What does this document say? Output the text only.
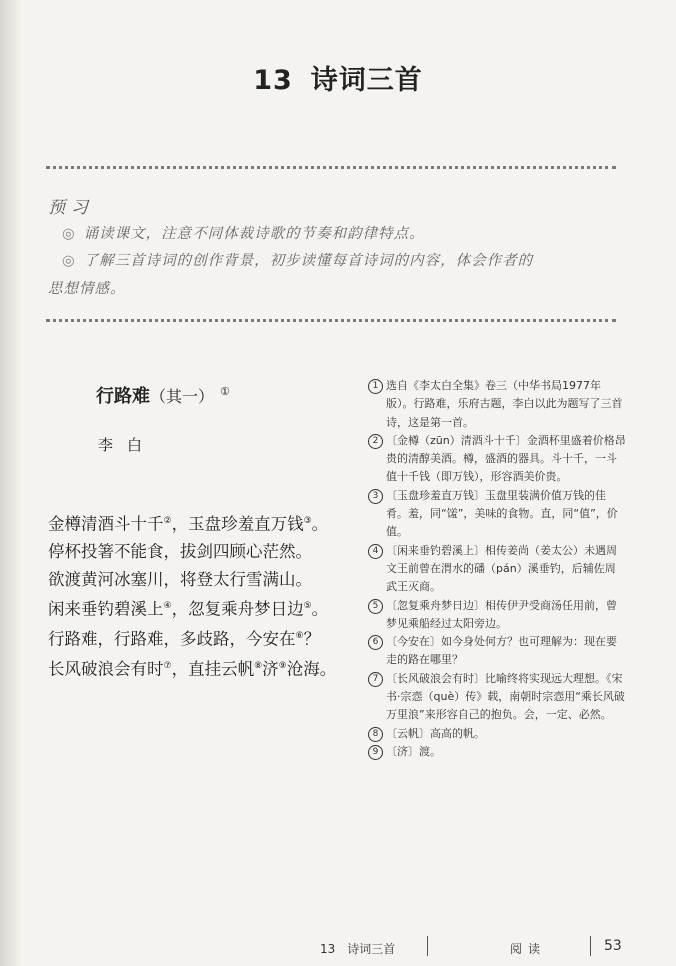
13 诗词三首
预习
◎ 诵读课文，注意不同体裁诗歌的节奏和韵律特点。
◎ 了解三首诗词的创作背景，初步读懂每首诗词的内容，体会作者的
思想情感。
行路难（其一） ①
李白
金樽清酒斗十千②，玉盘珍羞直万钱③。
停杯投箸不能食，拔剑四顾心茫然。
欲渡黄河冰塞川，将登太行雪满山。
闲来垂钓碧溪上④，忽复乘舟梦日边⑤。
行路难，行路难，多歧路，今安在⑥？
长风破浪会有时⑦，直挂云帆⑧济⑨沧海。
1 选自《李太白全集》卷三（中华书局1977年版）。行路难，乐府古题，李白以此为题写了三首诗，这是第一首。
2 〔金樽（zūn）清酒斗十千〕金酒杯里盛着价格昂贵的清醇美酒。樽，盛酒的器具。斗十千，一斗值十千钱（即万钱），形容酒美价贵。
3 〔玉盘珍羞直万钱〕玉盘里装满价值万钱的佳肴。羞，同“馐”，美味的食物。直，同“值”，价值。
4 〔闲来垂钓碧溪上〕相传姜尚（姜太公）未遇周文王前曾在渭水的磻（pán）溪垂钓，后辅佐周武王灭商。
5 〔忽复乘舟梦日边〕相传伊尹受商汤任用前，曾梦见乘船经过太阳旁边。
6 〔今安在〕如今身处何方？也可理解为：现在要走的路在哪里？
7 〔长风破浪会有时〕比喻终将实现远大理想。《宋书·宗悫（què）传》载，南朝时宗悫用“乘长风破万里浪”来形容自己的抱负。会，一定、必然。
8 〔云帆〕高高的帆。
9 〔济〕渡。
13　诗词三首	阅读	53
